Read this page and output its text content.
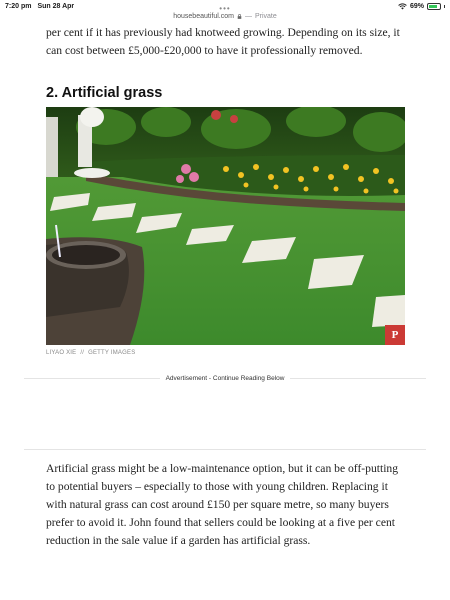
7:20 pm Sun 28 Apr	69%
•••
housebeautiful.com — Private

per cent if it has previously had knotweed growing. Depending on its size, it can cost between £5,000-£20,000 to have it professionally removed.

2. Artificial grass
P
LIYAO XIE // GETTY IMAGES
Advertisement - Continue Reading Below

Artificial grass might be a low-maintenance option, but it can be off-putting to potential buyers – especially to those with young children. Replacing it with natural grass can cost around £150 per square metre, so many buyers prefer to avoid it. John found that sellers could be looking at a five per cent reduction in the sale value if a garden has artificial grass.
